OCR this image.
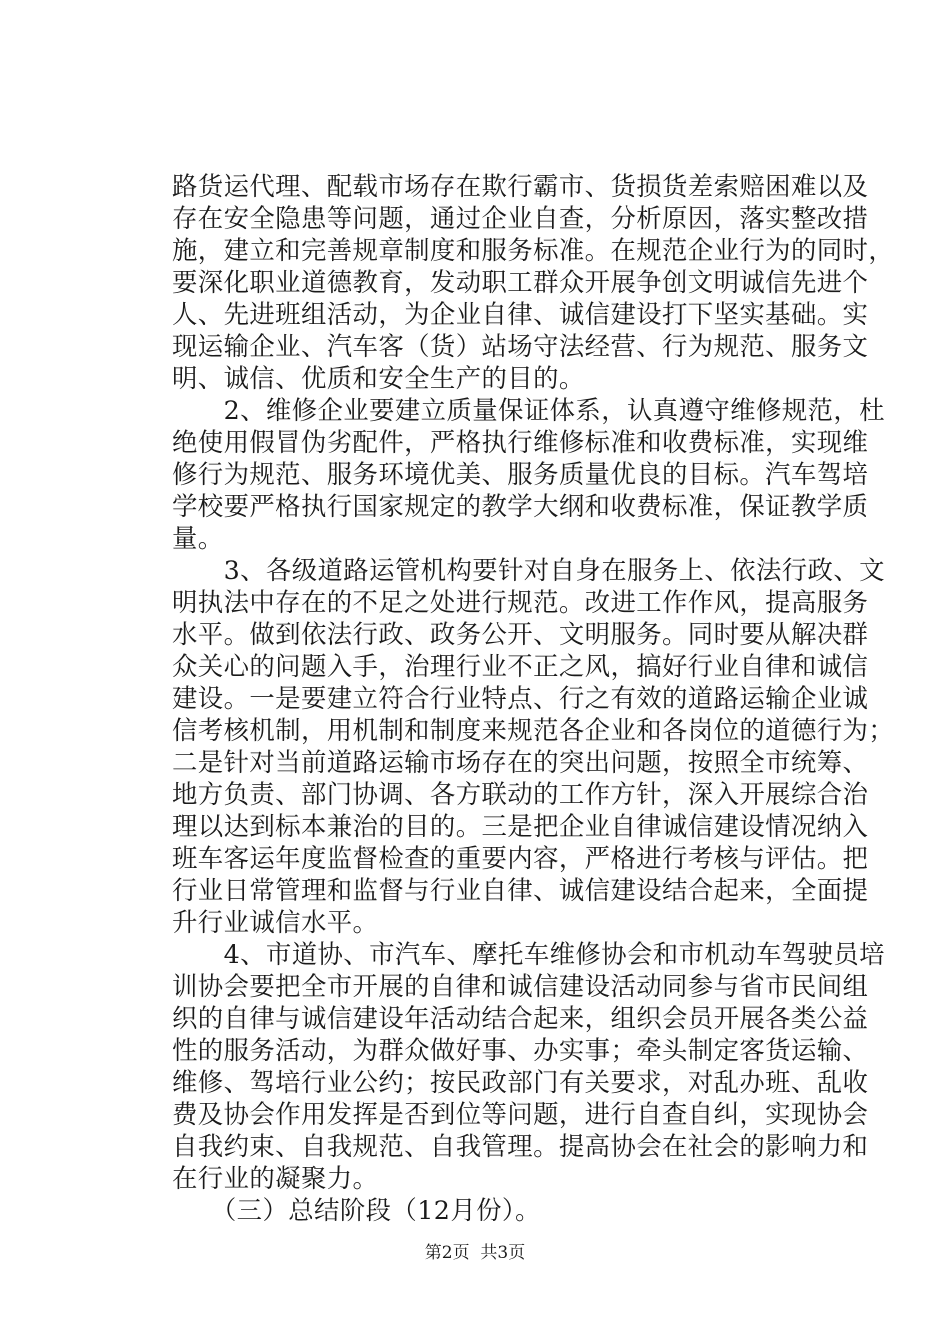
路货运代理、配载市场存在欺行霸市、货损货差索赔困难以及
存在安全隐患等问题，通过企业自查，分析原因，落实整改措
施，建立和完善规章制度和服务标准。在规范企业行为的同时，
要深化职业道德教育，发动职工群众开展争创文明诚信先进个
人、先进班组活动，为企业自律、诚信建设打下坚实基础。实
现运输企业、汽车客（货）站场守法经营、行为规范、服务文
明、诚信、优质和安全生产的目的。
　　2、维修企业要建立质量保证体系，认真遵守维修规范，杜
绝使用假冒伪劣配件，严格执行维修标准和收费标准，实现维
修行为规范、服务环境优美、服务质量优良的目标。汽车驾培
学校要严格执行国家规定的教学大纲和收费标准，保证教学质
量。
　　3、各级道路运管机构要针对自身在服务上、依法行政、文
明执法中存在的不足之处进行规范。改进工作作风，提高服务
水平。做到依法行政、政务公开、文明服务。同时要从解决群
众关心的问题入手，治理行业不正之风，搞好行业自律和诚信
建设。一是要建立符合行业特点、行之有效的道路运输企业诚
信考核机制，用机制和制度来规范各企业和各岗位的道德行为；
二是针对当前道路运输市场存在的突出问题，按照全市统筹、
地方负责、部门协调、各方联动的工作方针，深入开展综合治
理以达到标本兼治的目的。三是把企业自律诚信建设情况纳入
班车客运年度监督检查的重要内容，严格进行考核与评估。把
行业日常管理和监督与行业自律、诚信建设结合起来，全面提
升行业诚信水平。
　　4、市道协、市汽车、摩托车维修协会和市机动车驾驶员培
训协会要把全市开展的自律和诚信建设活动同参与省市民间组
织的自律与诚信建设年活动结合起来，组织会员开展各类公益
性的服务活动，为群众做好事、办实事；牵头制定客货运输、
维修、驾培行业公约；按民政部门有关要求，对乱办班、乱收
费及协会作用发挥是否到位等问题，进行自查自纠，实现协会
自我约束、自我规范、自我管理。提高协会在社会的影响力和
在行业的凝聚力。
　　（三）总结阶段（12月份）。
第2页  共3页
